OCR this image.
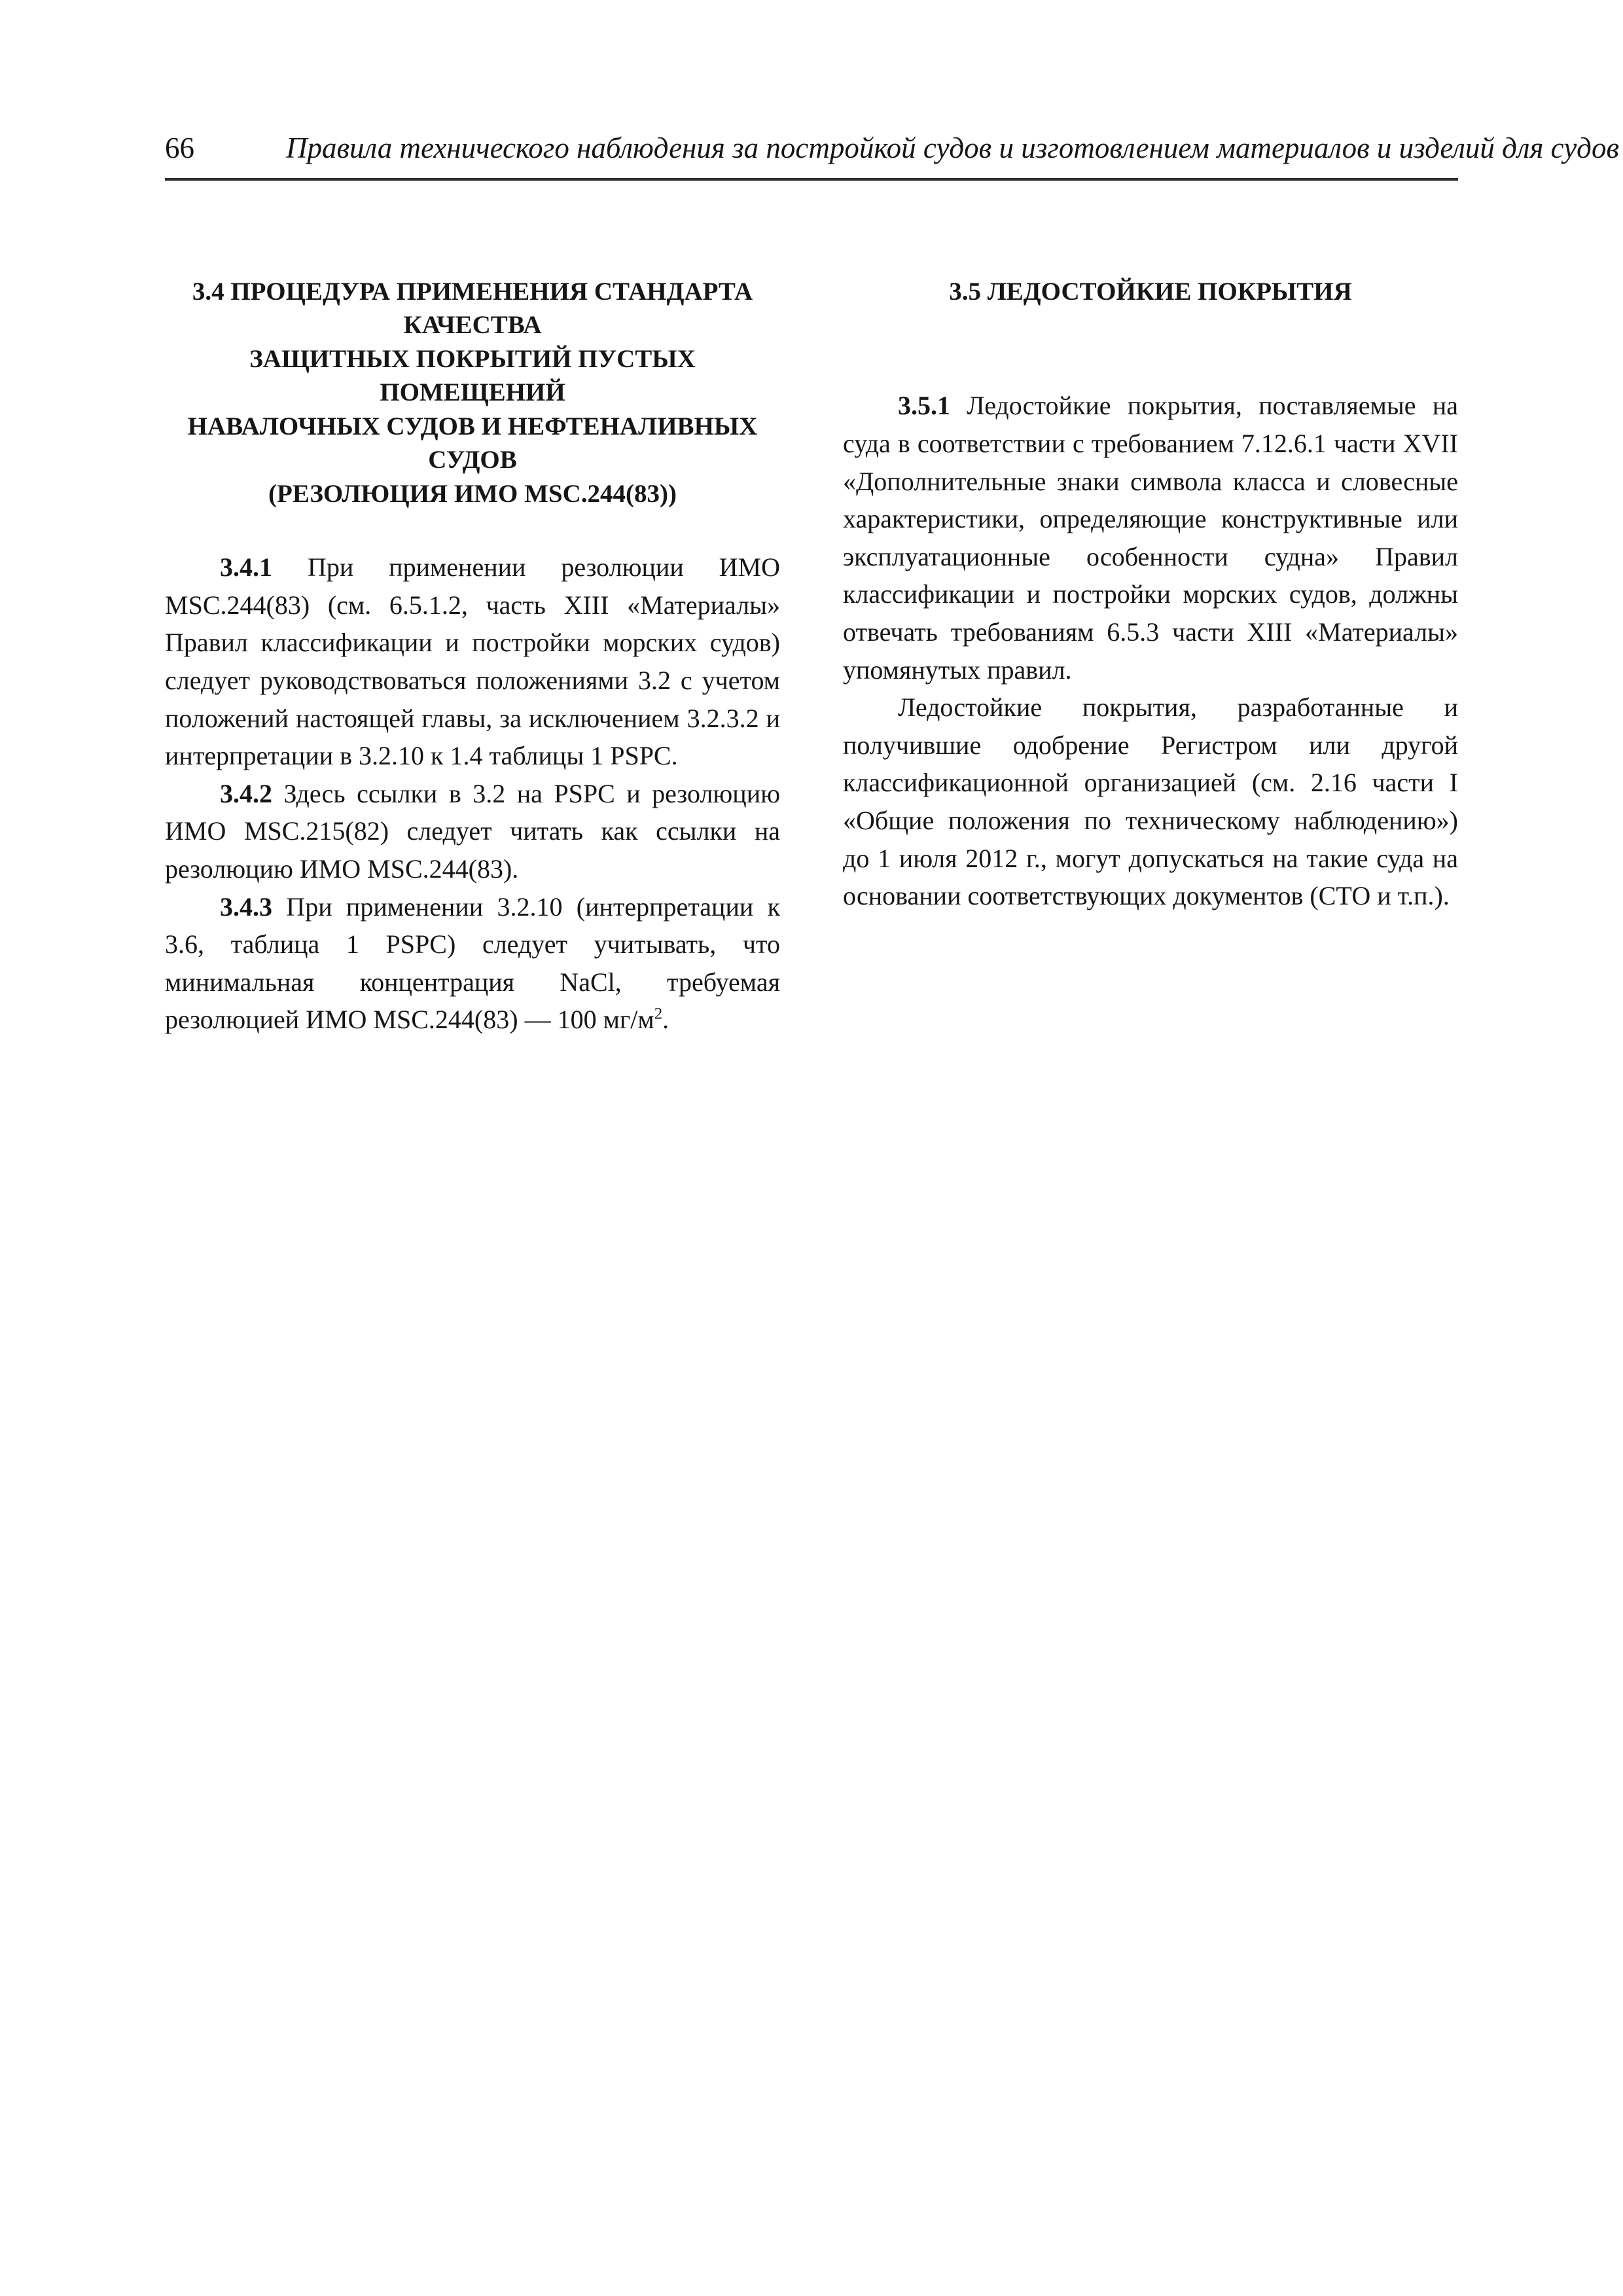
66	Правила технического наблюдения за постройкой судов и изготовлением материалов и изделий для судов
3.4 ПРОЦЕДУРА ПРИМЕНЕНИЯ СТАНДАРТА КАЧЕСТВА
ЗАЩИТНЫХ ПОКРЫТИЙ ПУСТЫХ ПОМЕЩЕНИЙ
НАВАЛОЧНЫХ СУДОВ И НЕФТЕНАЛИВНЫХ СУДОВ
(РЕЗОЛЮЦИЯ ИМО MSC.244(83))

3.4.1 При применении резолюции ИМО MSC.244(83) (см. 6.5.1.2, часть XIII «Материалы» Правил классификации и постройки морских судов) следует руководствоваться положениями 3.2 с учетом положений настоящей главы, за исключением 3.2.3.2 и интерпретации в 3.2.10 к 1.4 таблицы 1 PSPC.

3.4.2 Здесь ссылки в 3.2 на PSPC и резолюцию ИМО MSC.215(82) следует читать как ссылки на резолюцию ИМО MSC.244(83).

3.4.3 При применении 3.2.10 (интерпретации к 3.6, таблица 1 PSPC) следует учитывать, что минимальная концентрация NaCl, требуемая резолюцией ИМО MSC.244(83) — 100 $мг/м^2$.

3.5 ЛЕДОСТОЙКИЕ ПОКРЫТИЯ

3.5.1 Ледостойкие покрытия, поставляемые на суда в соответствии с требованием 7.12.6.1 части XVII «Дополнительные знаки символа класса и словесные характеристики, определяющие конструктивные или эксплуатационные особенности судна» Правил классификации и постройки морских судов, должны отвечать требованиям 6.5.3 части XIII «Материалы» упомянутых правил.

Ледостойкие покрытия, разработанные и получившие одобрение Регистром или другой классификационной организацией (см. 2.16 части I «Общие положения по техническому наблюдению») до 1 июля 2012 г., могут допускаться на такие суда на основании соответствующих документов (СТО и т.п.).
